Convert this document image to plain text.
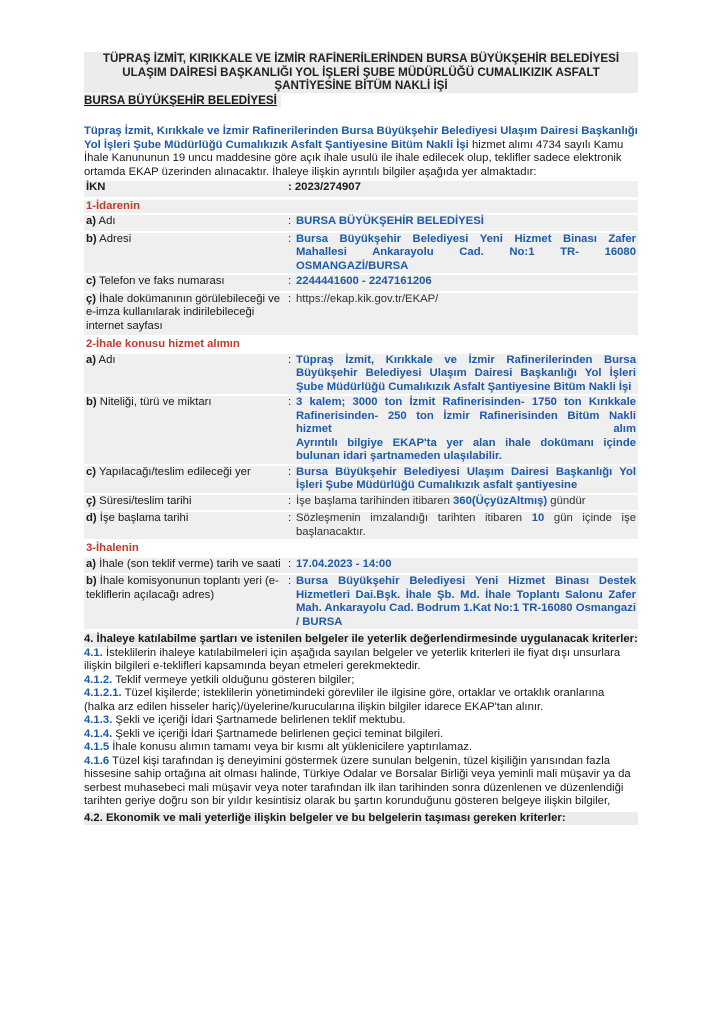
TÜPRAŞ İZMİT, KIRIKKALE VE İZMİR RAFİNERİLERİNDEN BURSA BÜYÜKŞEHİR BELEDİYESİ ULAŞIM DAİRESİ BAŞKANLIĞI YOL İŞLERİ ŞUBE MÜDÜRLÜĞÜ CUMALIKIZIK ASFALT ŞANTİYESİNE BİTÜM NAKLİ İŞİ
BURSA BÜYÜKŞEHİR BELEDİYESİ
Tüpraş İzmit, Kırıkkale ve İzmir Rafinerilerinden Bursa Büyükşehir Belediyesi Ulaşım Dairesi Başkanlığı Yol İşleri Şube Müdürlüğü Cumalıkızık Asfalt Şantiyesine Bitüm Nakli İşi hizmet alımı 4734 sayılı Kamu İhale Kanununun 19 uncu maddesine göre açık ihale usulü ile ihale edilecek olup, teklifler sadece elektronik ortamda EKAP üzerinden alınacaktır. İhaleye ilişkin ayrıntılı bilgiler aşağıda yer almaktadır:
İKN	: 2023/274907
1-İdarenin
a) Adı	: BURSA BÜYÜKŞEHİR BELEDİYESİ
b) Adresi	: Bursa Büyükşehir Belediyesi Yeni Hizmet Binası Zafer Mahallesi Ankarayolu Cad. No:1 TR- 16080 OSMANGAZİ/BURSA
c) Telefon ve faks numarası	: 2244441600 - 2247161206
ç) İhale dokümanının görülebileceği ve e-imza kullanılarak indirilebileceği internet sayfası
: https://ekap.kik.gov.tr/EKAP/
2-İhale konusu hizmet alımın
a) Adı	: Tüpraş İzmit, Kırıkkale ve İzmir Rafinerilerinden Bursa Büyükşehir Belediyesi Ulaşım Dairesi Başkanlığı Yol İşleri Şube Müdürlüğü Cumalıkızık Asfalt Şantiyesine Bitüm Nakli İşi
b) Niteliği, türü ve miktarı	: 3 kalem; 3000 ton İzmit Rafinerisinden- 1750 ton Kırıkkale Rafinerisinden- 250 ton İzmir Rafinerisinden Bitüm Nakli hizmet alım
Ayrıntılı bilgiye EKAP'ta yer alan ihale dokümanı içinde bulunan idari şartnameden ulaşılabilir.
c) Yapılacağı/teslim edileceği yer	: Bursa Büyükşehir Belediyesi Ulaşım Dairesi Başkanlığı Yol İşleri Şube Müdürlüğü Cumalıkızık asfalt şantiyesine
ç) Süresi/teslim tarihi	: İşe başlama tarihinden itibaren 360(ÜçyüzAltmış) gündür
d) İşe başlama tarihi	: Sözleşmenin imzalandığı tarihten itibaren 10 gün içinde işe başlanacaktır.
3-İhalenin
a) İhale (son teklif verme) tarih ve saati : 17.04.2023 - 14:00
b) İhale komisyonunun toplantı yeri (e-tekliflerin açılacağı adres)
: Bursa Büyükşehir Belediyesi Yeni Hizmet Binası Destek Hizmetleri Dai.Bşk. İhale Şb. Md. İhale Toplantı Salonu Zafer Mah. Ankarayolu Cad. Bodrum 1.Kat No:1 TR-16080 Osmangazi / BURSA
4. İhaleye katılabilme şartları ve istenilen belgeler ile yeterlik değerlendirmesinde uygulanacak kriterler:
4.1. İsteklilerin ihaleye katılabilmeleri için aşağıda sayılan belgeler ve yeterlik kriterleri ile fiyat dışı unsurlara ilişkin bilgileri e-teklifleri kapsamında beyan etmeleri gerekmektedir.
4.1.2. Teklif vermeye yetkili olduğunu gösteren bilgiler;
4.1.2.1. Tüzel kişilerde; isteklilerin yönetimindeki görevliler ile ilgisine göre, ortaklar ve ortaklık oranlarına (halka arz edilen hisseler hariç)/üyelerine/kurucularına ilişkin bilgiler idarece EKAP'tan alınır.
4.1.3. Şekli ve içeriği İdari Şartnamede belirlenen teklif mektubu.
4.1.4. Şekli ve içeriği İdari Şartnamede belirlenen geçici teminat bilgileri.
4.1.5 İhale konusu alımın tamamı veya bir kısmı alt yüklenicilere yaptırılamaz.
4.1.6 Tüzel kişi tarafından iş deneyimini göstermek üzere sunulan belgenin, tüzel kişiliğin yarısından fazla hissesine sahip ortağına ait olması halinde, Türkiye Odalar ve Borsalar Birliği veya yeminli mali müşavir ya da serbest muhasebeci mali müşavir veya noter tarafından ilk ilan tarihinden sonra düzenlenen ve düzenlendiği tarihten geriye doğru son bir yıldır kesintisiz olarak bu şartın korunduğunu gösteren belgeye ilişkin bilgiler,
4.2. Ekonomik ve mali yeterliğe ilişkin belgeler ve bu belgelerin taşıması gereken kriterler:
